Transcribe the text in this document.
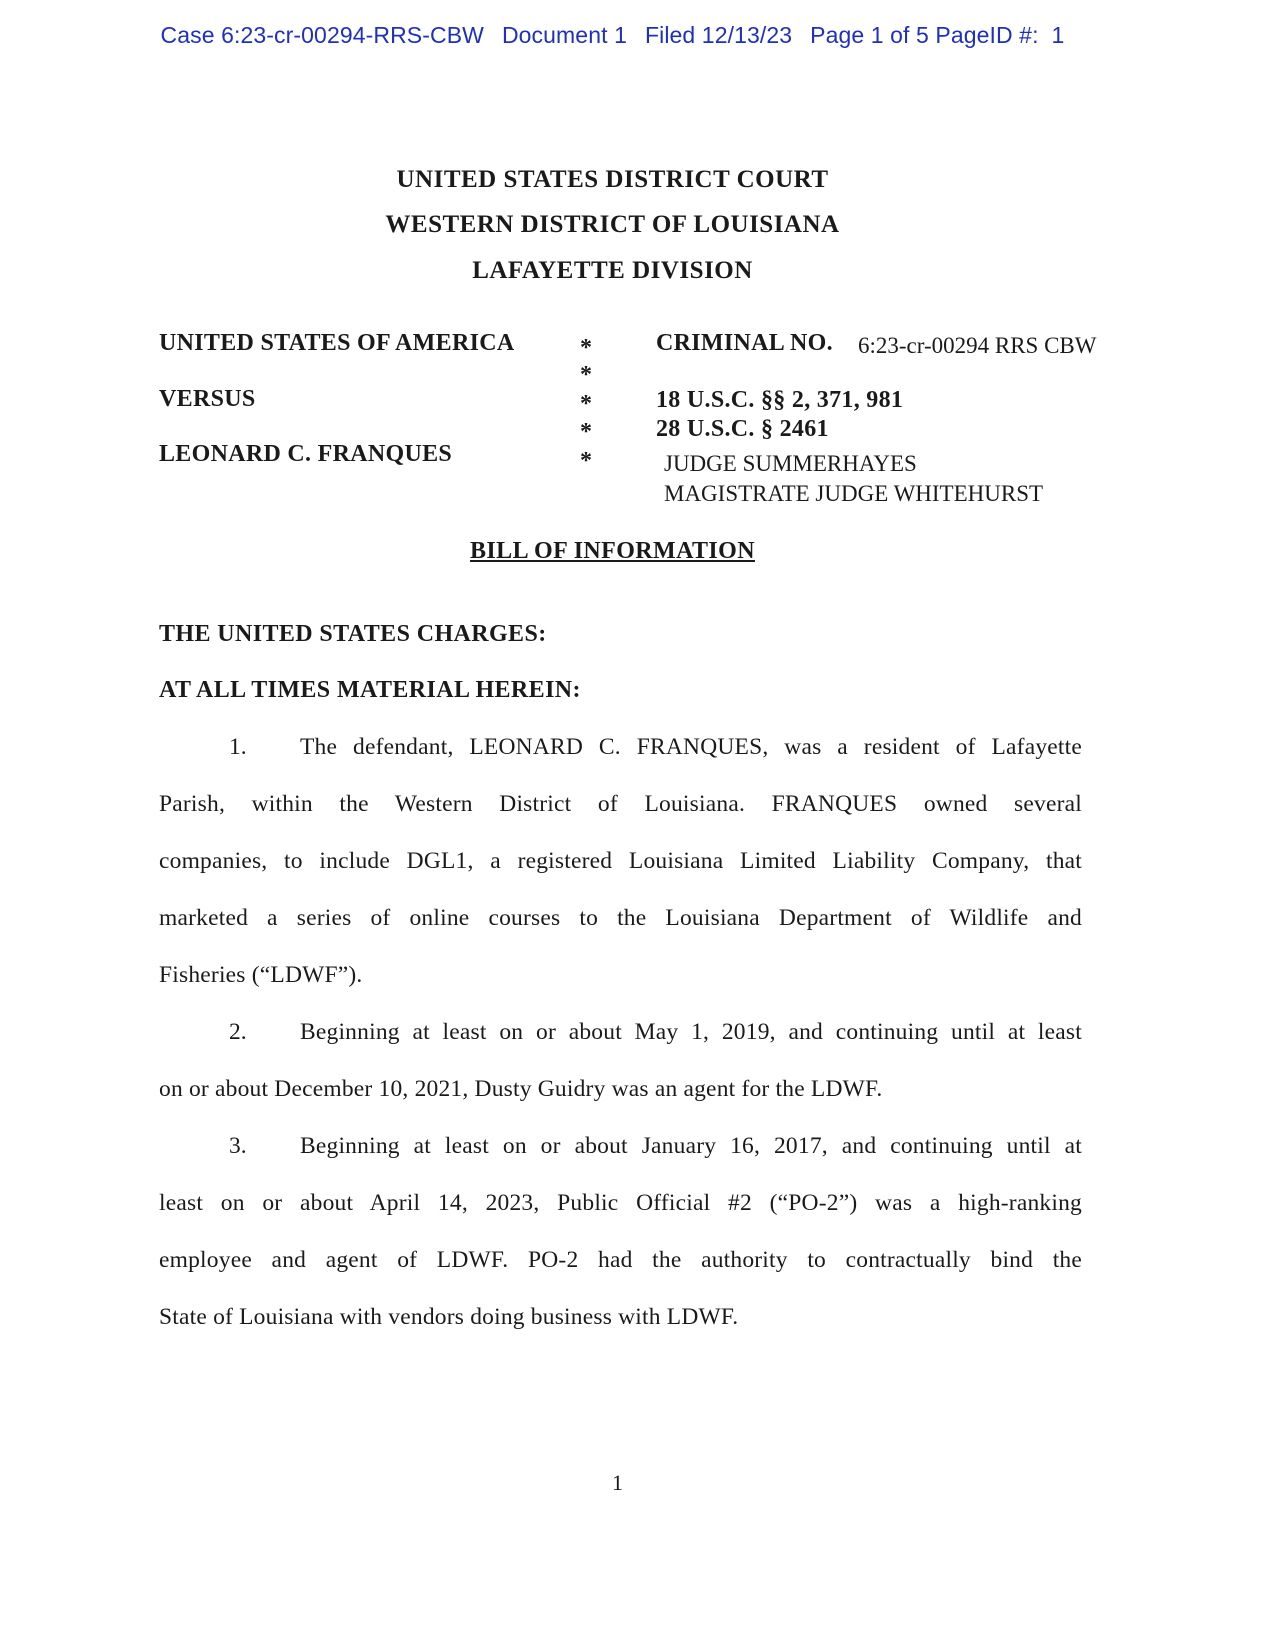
Case 6:23-cr-00294-RRS-CBW Document 1 Filed 12/13/23 Page 1 of 5 PageID #:  1
UNITED STATES DISTRICT COURT
WESTERN DISTRICT OF LOUISIANA
LAFAYETTE DIVISION
UNITED STATES OF AMERICA
VERSUS
LEONARD C. FRANQUES
*
*
*
*
*
CRIMINAL NO. 6:23-cr-00294 RRS CBW
18 U.S.C. §§ 2, 371, 981
28 U.S.C. § 2461
JUDGE SUMMERHAYES
MAGISTRATE JUDGE WHITEHURST
BILL OF INFORMATION
THE UNITED STATES CHARGES:
AT ALL TIMES MATERIAL HEREIN:
1. The defendant, LEONARD C. FRANQUES, was a resident of Lafayette
Parish, within the Western District of Louisiana. FRANQUES owned several
companies, to include DGL1, a registered Louisiana Limited Liability Company, that
marketed a series of online courses to the Louisiana Department of Wildlife and
Fisheries (“LDWF”).
2. Beginning at least on or about May 1, 2019, and continuing until at least
on or about December 10, 2021, Dusty Guidry was an agent for the LDWF.
3. Beginning at least on or about January 16, 2017, and continuing until at
least on or about April 14, 2023, Public Official #2 (“PO-2”) was a high-ranking
employee and agent of LDWF. PO-2 had the authority to contractually bind the
State of Louisiana with vendors doing business with LDWF.
1
